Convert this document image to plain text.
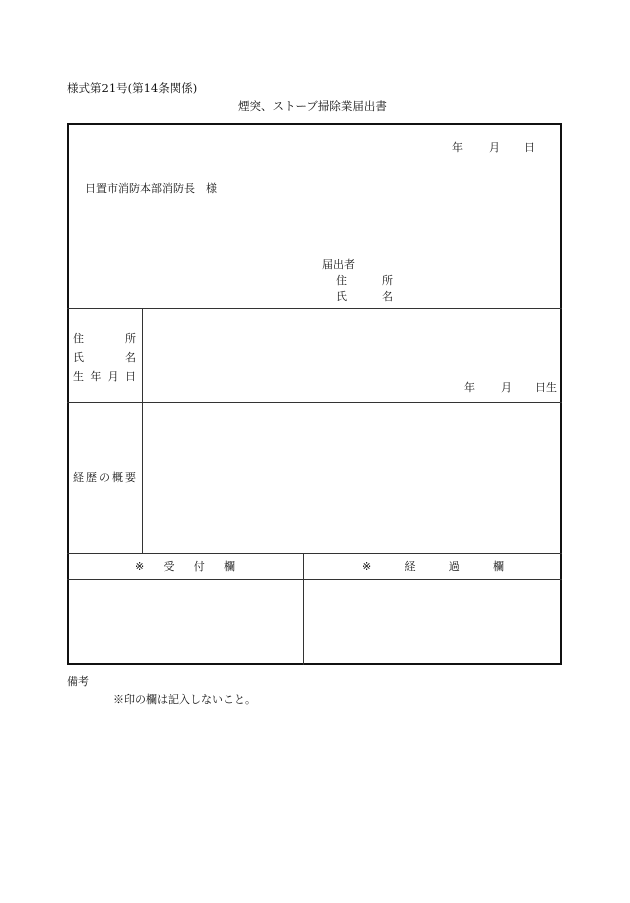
様式第21号(第14条関係)
煙突、ストーブ掃除業届出書
年 月 日
日置市消防本部消防長　様
届出者
住	所
氏	名
住	所
氏	名
生 年 月 日
年 月 日生
経 歴 の 概 要
※ 受 付 欄	※	経	過	欄
備考
※印の欄は記入しないこと。
